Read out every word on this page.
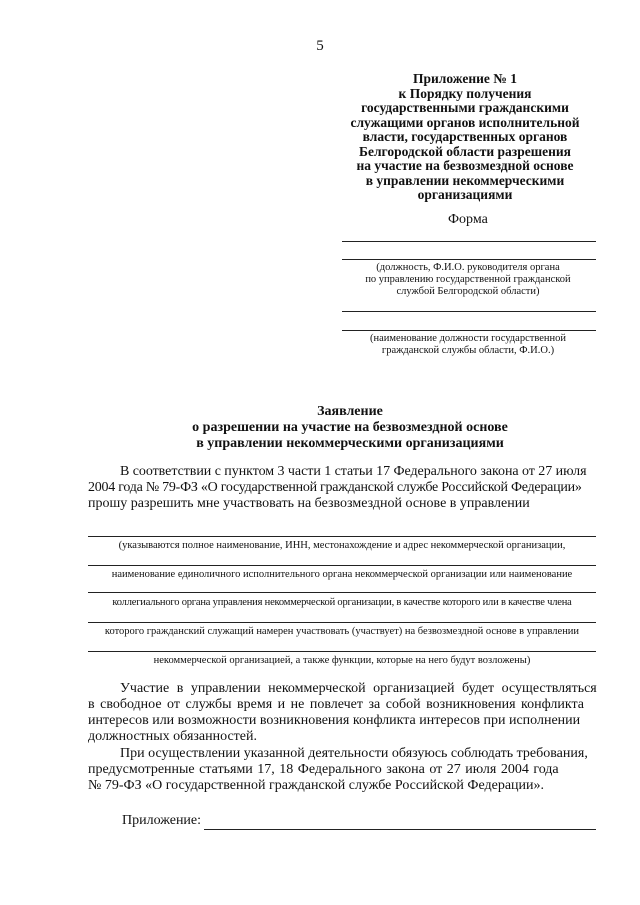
5
Приложение № 1
к Порядку получения
государственными гражданскими
служащими органов исполнительной
власти, государственных органов
Белгородской области разрешения
на участие на безвозмездной основе
в управлении некоммерческими
организациями
Форма
(должность, Ф.И.О. руководителя органа
по управлению государственной гражданской
службой Белгородской области)
(наименование должности государственной
гражданской службы области, Ф.И.О.)
Заявление
о разрешении на участие на безвозмездной основе
в управлении некоммерческими организациями
В соответствии с пунктом 3 части 1 статьи 17 Федерального закона от 27 июля
2004 года № 79-ФЗ «О государственной гражданской службе Российской Федерации»
прошу разрешить мне участвовать на безвозмездной основе в управлении
(указываются полное наименование, ИНН, местонахождение и адрес некоммерческой организации,
наименование единоличного исполнительного органа некоммерческой организации или наименование
коллегиального органа управления некоммерческой организации, в качестве которого или в качестве члена
которого гражданский служащий намерен участвовать (участвует) на безвозмездной основе в управлении
некоммерческой организацией, а также функции, которые на него будут возложены)
Участие в управлении некоммерческой организацией будет осуществляться
в свободное от службы время и не повлечет за собой возникновения конфликта
интересов или возможности возникновения конфликта интересов при исполнении
должностных обязанностей.
При осуществлении указанной деятельности обязуюсь соблюдать требования,
предусмотренные статьями 17, 18 Федерального закона от 27 июля 2004 года
№ 79-ФЗ «О государственной гражданской службе Российской Федерации».
Приложение:
